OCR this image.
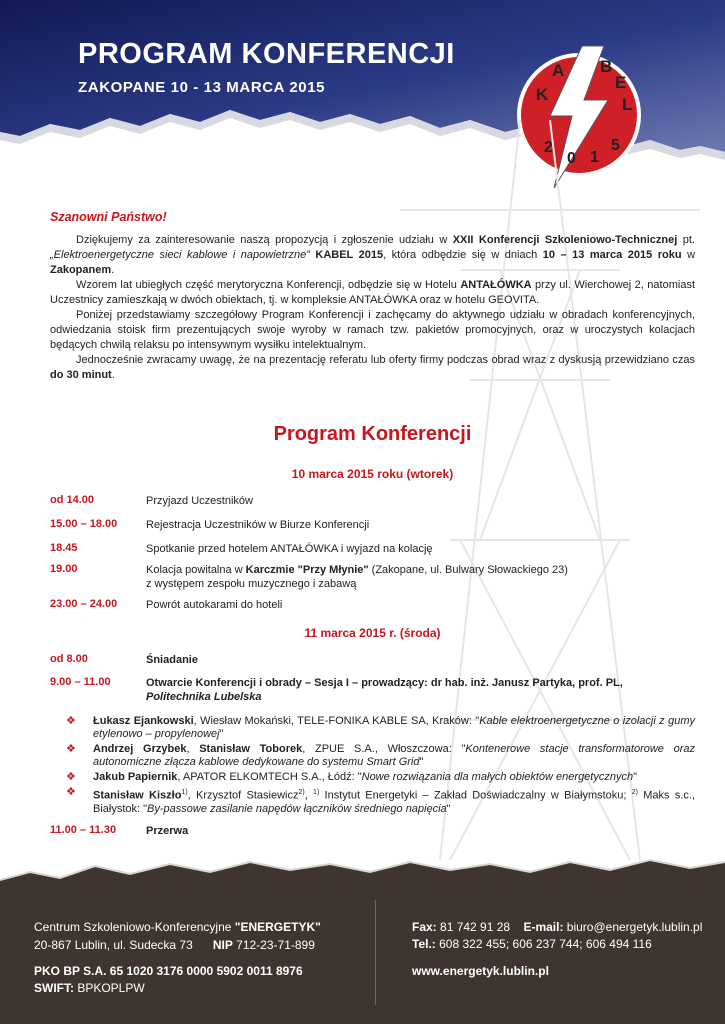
PROGRAM KONFERENCJI
ZAKOPANE 10 - 13 MARCA 2015	K
A B
E
L
2
0 1
5

Szanowni Państwo!

Dziękujemy za zainteresowanie naszą propozycją i zgłoszenie udziału w XXII Konferencji Szkoleniowo-Technicznej pt. „Elektroenergetyczne sieci kablowe i napowietrzne” KABEL 2015, która odbędzie się w dniach 10 – 13 marca 2015 roku w Zakopanem.

Wzorem lat ubiegłych część merytoryczna Konferencji, odbędzie się w Hotelu ANTAŁÓWKA przy ul. Wierchowej 2, natomiast Uczestnicy zamieszkają w dwóch obiektach, tj. w kompleksie ANTAŁÓWKA oraz w hotelu GEOVITA.

Poniżej przedstawiamy szczegółowy Program Konferencji i zachęcamy do aktywnego udziału w obradach konferencyjnych, odwiedzania stoisk firm prezentujących swoje wyroby w ramach tzw. pakietów promocyjnych, oraz w uroczystych kolacjach będących chwilą relaksu po intensywnym wysiłku intelektualnym.

Jednocześnie zwracamy uwagę, że na prezentację referatu lub oferty firmy podczas obrad wraz z dyskusją przewidziano czas do 30 minut.

Program Konferencji
10 marca 2015 roku (wtorek)
od 14.00	Przyjazd Uczestników
15.00 – 18.00	Rejestracja Uczestników w Biurze Konferencji
18.45	Spotkanie przed hotelem ANTAŁÓWKA i wyjazd na kolację
19.00	Kolacja powitalna w Karczmie "Przy Młynie" (Zakopane, ul. Bulwary Słowackiego 23)
z występem zespołu muzycznego i zabawą
23.00 – 24.00	Powrót autokarami do hoteli
11 marca 2015 r. (środa)
od 8.00	Śniadanie
9.00 – 11.00	Otwarcie Konferencji i obrady – Sesja I – prowadzący: dr hab. inż. Janusz Partyka, prof. PL,
Politechnika Lubelska
❖ Łukasz Ejankowski, Wiesław Mokański, TELE-FONIKA KABLE SA, Kraków: "Kable elektroenergetyczne o izolacji z gumy etylenowo – propylenowej"
❖ Andrzej Grzybek, Stanisław Toborek, ZPUE S.A., Włoszczowa: "Kontenerowe stacje transformatorowe oraz autonomiczne złącza kablowe dedykowane do systemu Smart Grid"
❖ Jakub Papiernik, APATOR ELKOMTECH S.A., Łódź: "Nowe rozwiązania dla małych obiektów energetycznych"
❖ Stanisław Kiszło$^{1)}$, Krzysztof Stasiewicz$^{2)}$, $^{1)}$ Instytut Energetyki – Zakład Doświadczalny w Białymstoku; $^{2)}$ Maks s.c., Białystok: "By-passowe zasilanie napędów łączników średniego napięcia"
11.00 – 11.30	Przerwa
Centrum Szkoleniowo-Konferencyjne "ENERGETYK"
20-867 Lublin, ul. Sudecka 73 NIP 712-23-71-899
PKO BP S.A. 65 1020 3176 0000 5902 0011 8976
SWIFT: BPKOPLPW
Fax: 81 742 91 28 E-mail: biuro@energetyk.lublin.pl
Tel.: 608 322 455; 606 237 744; 606 494 116
www.energetyk.lublin.pl
